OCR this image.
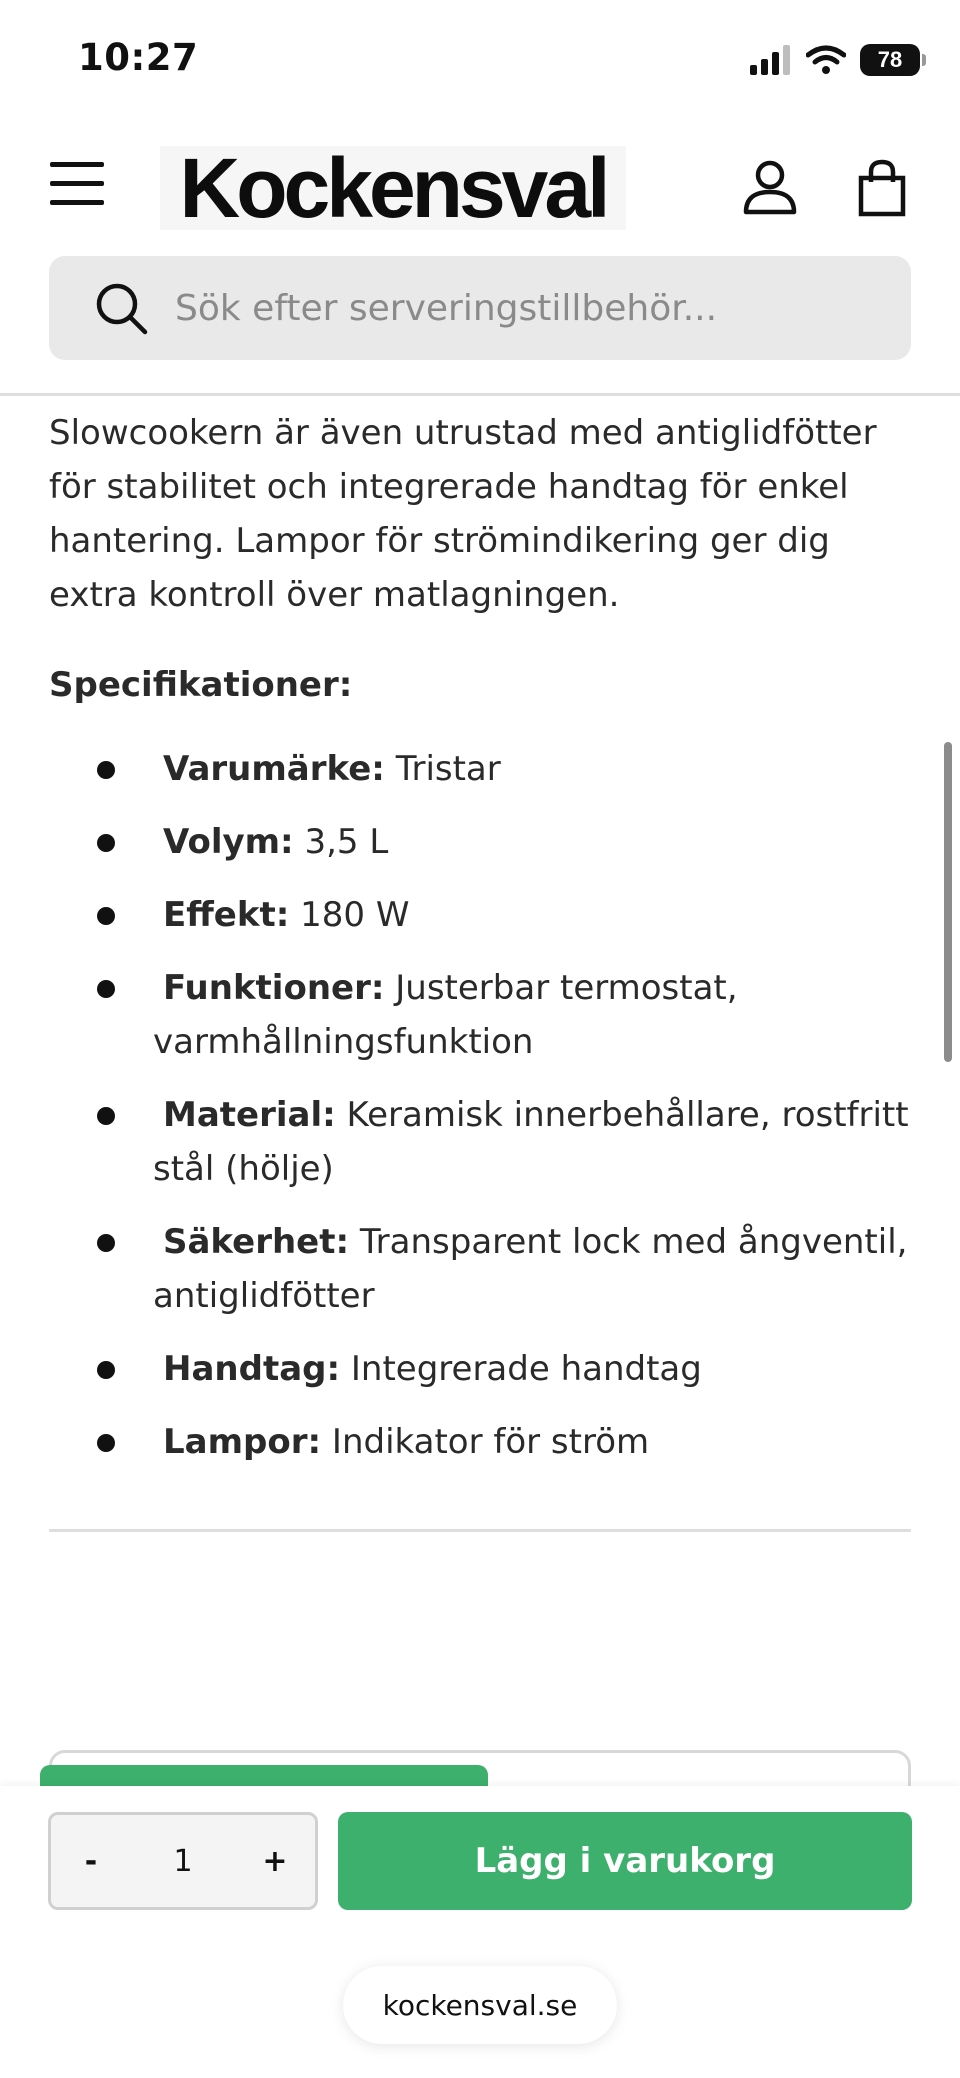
10:27	78
Kockensval
Sök efter serveringstillbehör...

Slowcookern är även utrustad med antiglidfötter för stabilitet och integrerade handtag för enkel hantering. Lampor för strömindikering ger dig extra kontroll över matlagningen.

Specifikationer:

Varumärke: Tristar
Volym: 3,5 L
Effekt: 180 W
Funktioner: Justerbar termostat, varmhållningsfunktion
Material: Keramisk innerbehållare, rostfritt stål (hölje)
Säkerhet: Transparent lock med ångventil, antiglidfötter
Handtag: Integrerade handtag
Lampor: Indikator för ström
-	1	+	Lägg i varukorg
kockensval.se
